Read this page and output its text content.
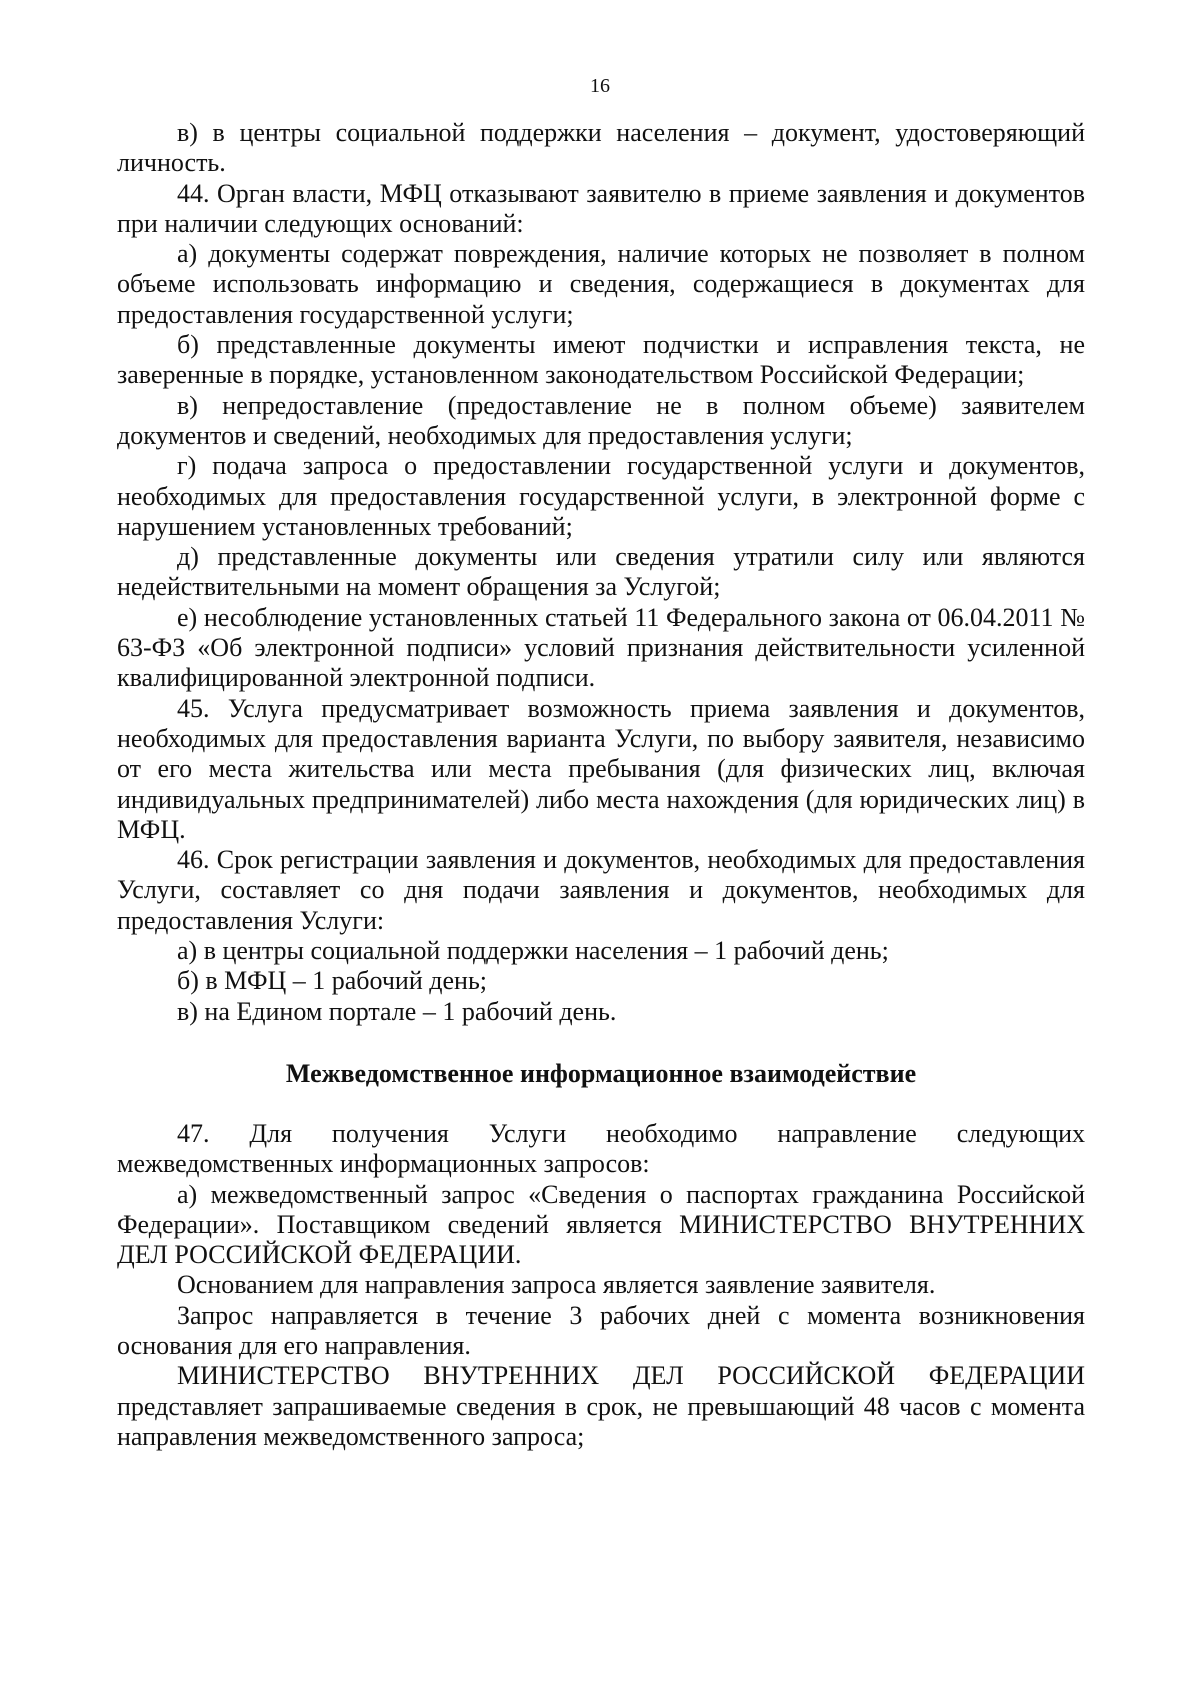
16

в) в центры социальной поддержки населения – документ, удостоверяющий личность.

44. Орган власти, МФЦ отказывают заявителю в приеме заявления и документов при наличии следующих оснований:

а) документы содержат повреждения, наличие которых не позволяет в полном объеме использовать информацию и сведения, содержащиеся в документах для предоставления государственной услуги;

б) представленные документы имеют подчистки и исправления текста, не заверенные в порядке, установленном законодательством Российской Федерации;

в) непредоставление (предоставление не в полном объеме) заявителем документов и сведений, необходимых для предоставления услуги;

г) подача запроса о предоставлении государственной услуги и документов, необходимых для предоставления государственной услуги, в электронной форме с нарушением установленных требований;

д) представленные документы или сведения утратили силу или являются недействительными на момент обращения за Услугой;

е) несоблюдение установленных статьей 11 Федерального закона от 06.04.2011 № 63-ФЗ «Об электронной подписи» условий признания действительности усиленной квалифицированной электронной подписи.

45. Услуга предусматривает возможность приема заявления и документов, необходимых для предоставления варианта Услуги, по выбору заявителя, независимо от его места жительства или места пребывания (для физических лиц, включая индивидуальных предпринимателей) либо места нахождения (для юридических лиц) в МФЦ.

46. Срок регистрации заявления и документов, необходимых для предоставления Услуги, составляет со дня подачи заявления и документов, необходимых для предоставления Услуги:

а) в центры социальной поддержки населения – 1 рабочий день;

б) в МФЦ – 1 рабочий день;

в) на Едином портале – 1 рабочий день.

Межведомственное информационное взаимодействие

47. Для получения Услуги необходимо направление следующих межведомственных информационных запросов:

а) межведомственный запрос «Сведения о паспортах гражданина Российской Федерации». Поставщиком сведений является МИНИСТЕРСТВО ВНУТРЕННИХ ДЕЛ РОССИЙСКОЙ ФЕДЕРАЦИИ.

Основанием для направления запроса является заявление заявителя.

Запрос направляется в течение 3 рабочих дней с момента возникновения основания для его направления.

МИНИСТЕРСТВО ВНУТРЕННИХ ДЕЛ РОССИЙСКОЙ ФЕДЕРАЦИИ представляет запрашиваемые сведения в срок, не превышающий 48 часов с момента направления межведомственного запроса;
